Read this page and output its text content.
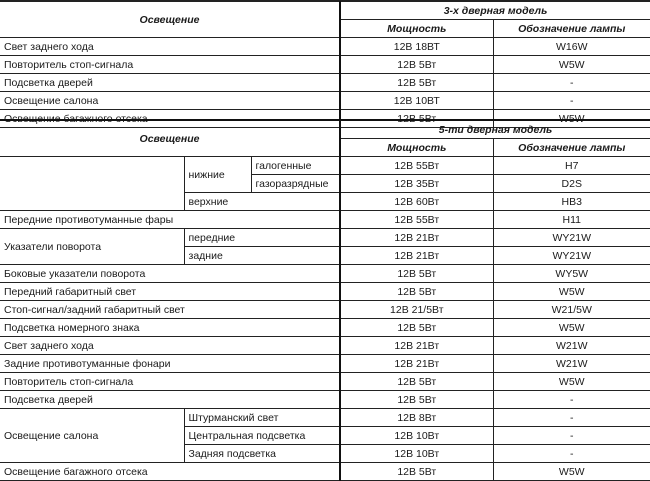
Освещение	3-х дверная модель	
	Мощность	Обозначение лампы
Свет заднего хода	12В 18ВТ	W16W
Повторитель стоп-сигнала	12В 5Вт	W5W
Подсветка дверей	12В 5Вт	-
Освещение салона	12В 10ВТ	-
Освещение багажного отсека	12В 5Вт	W5W
Освещение			5-ти дверная модель	
			Мощность	Обозначение лампы
	нижние	галогенные	12В 55Вт	H7
		газоразрядные	12В 35Вт	D2S
	верхние		12В 60Вт	HB3
Передние противотуманные фары			12В 55Вт	H11
Указатели поворота	передние		12В 21Вт	WY21W
	задние		12В 21Вт	WY21W
Боковые указатели поворота			12В 5Вт	WY5W
Передний габаритный свет			12В 5Вт	W5W
Стоп-сигнал/задний габаритный свет			12В 21/5Вт	W21/5W
Подсветка номерного знака			12В 5Вт	W5W
Свет заднего хода			12В 21Вт	W21W
Задние противотуманные фонари			12В 21Вт	W21W
Повторитель стоп-сигнала			12В 5Вт	W5W
Подсветка дверей			12В 5Вт	-
Освещение салона	Штурманский свет		12В 8Вт	-
	Центральная подсветка		12В 10Вт	-
	Задняя подсветка		12В 10Вт	-
Освещение багажного отсека			12В 5Вт	W5W
